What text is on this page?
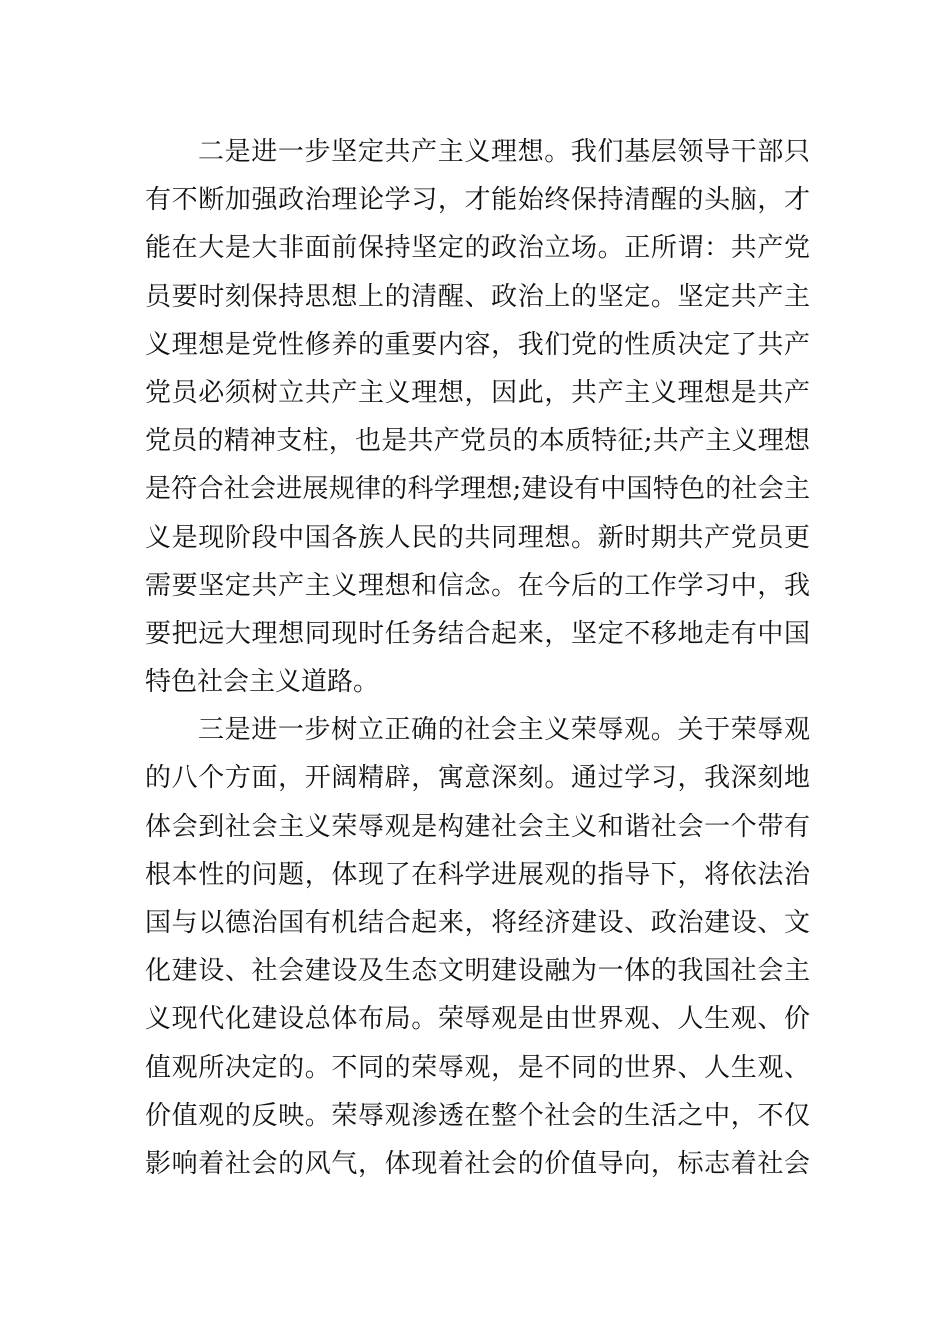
二是进一步坚定共产主义理想。我们基层领导干部只
有不断加强政治理论学习，才能始终保持清醒的头脑，才
能在大是大非面前保持坚定的政治立场。正所谓：共产党
员要时刻保持思想上的清醒、政治上的坚定。坚定共产主
义理想是党性修养的重要内容，我们党的性质决定了共产
党员必须树立共产主义理想，因此，共产主义理想是共产
党员的精神支柱，也是共产党员的本质特征;共产主义理想
是符合社会进展规律的科学理想;建设有中国特色的社会主
义是现阶段中国各族人民的共同理想。新时期共产党员更
需要坚定共产主义理想和信念。在今后的工作学习中，我
要把远大理想同现时任务结合起来，坚定不移地走有中国
特色社会主义道路。
三是进一步树立正确的社会主义荣辱观。关于荣辱观
的八个方面，开阔精辟，寓意深刻。通过学习，我深刻地
体会到社会主义荣辱观是构建社会主义和谐社会一个带有
根本性的问题，体现了在科学进展观的指导下，将依法治
国与以德治国有机结合起来，将经济建设、政治建设、文
化建设、社会建设及生态文明建设融为一体的我国社会主
义现代化建设总体布局。荣辱观是由世界观、人生观、价
值观所决定的。不同的荣辱观，是不同的世界、人生观、
价值观的反映。荣辱观渗透在整个社会的生活之中，不仅
影响着社会的风气，体现着社会的价值导向，标志着社会
